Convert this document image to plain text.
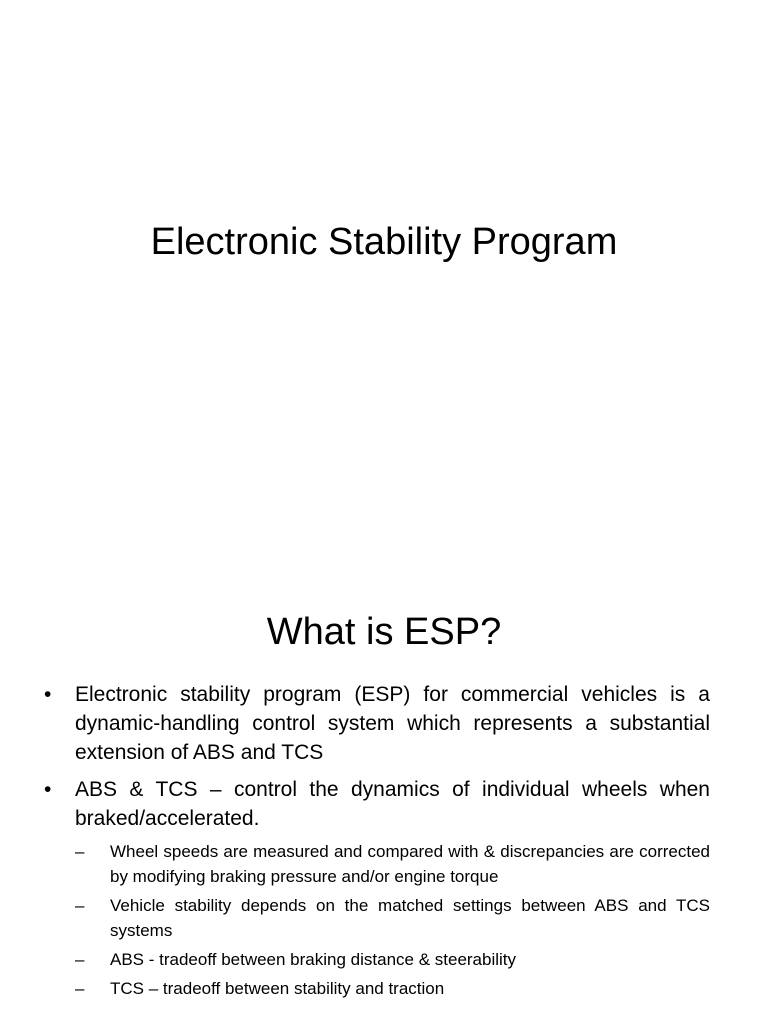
Electronic Stability Program
What is ESP?
• Electronic stability program (ESP) for commercial vehicles is a dynamic-handling control system which represents a substantial extension of ABS and TCS
• ABS & TCS – control the dynamics of individual wheels when braked/accelerated.
– Wheel speeds are measured and compared with & discrepancies are corrected by modifying braking pressure and/or engine torque
– Vehicle stability depends on the matched settings between ABS and TCS systems
– ABS - tradeoff between braking distance & steerability
– TCS – tradeoff between stability and traction
